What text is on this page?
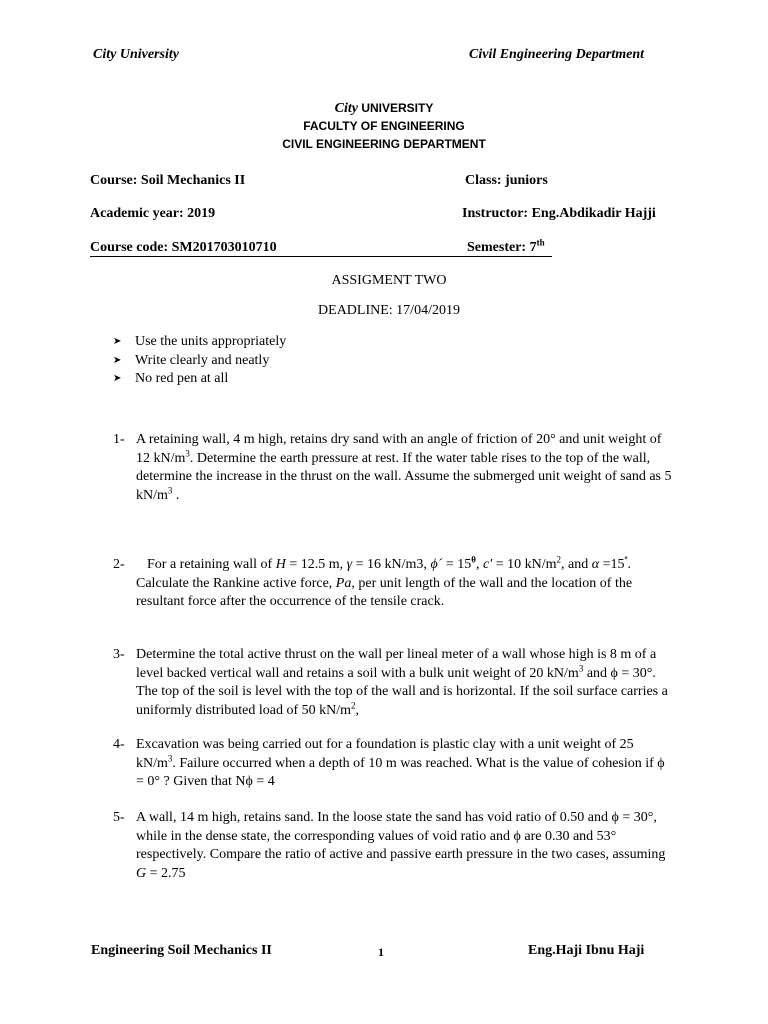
City University	Civil Engineering Department
City UNIVERSITY
FACULTY OF ENGINEERING
CIVIL ENGINEERING DEPARTMENT
Course: Soil Mechanics II	Class: juniors
Academic year: 2019	Instructor: Eng.Abdikadir Hajji
Course code: SM201703010710	Semester: 7th
ASSIGMENT TWO
DEADLINE: 17/04/2019
➤ Use the units appropriately
➤ Write clearly and neatly
➤ No red pen at all
1- A retaining wall, 4 m high, retains dry sand with an angle of friction of 20° and unit weight of 12 $kN/m^3$. Determine the earth pressure at rest. If the water table rises to the top of the wall, determine the increase in the thrust on the wall. Assume the submerged unit weight of sand as 5 $kN/m^3$ .
2-	For a retaining wall of H = 12.5 m, γ = 16 kN/m3, ϕ´ = $15^\theta$, c' = 10 $kN/m^2$, and $\alpha =15^º$. Calculate the Rankine active force, Pa, per unit length of the wall and the location of the resultant force after the occurrence of the tensile crack.
3- Determine the total active thrust on the wall per lineal meter of a wall whose high is 8 m of a level backed vertical wall and retains a soil with a bulk unit weight of 20 $kN/m^3$ and ϕ = 30°. The top of the soil is level with the top of the wall and is horizontal. If the soil surface carries a uniformly distributed load of 50 $kN/m^2$,
4- Excavation was being carried out for a foundation is plastic clay with a unit weight of 25 $kN/m^3$. Failure occurred when a depth of 10 m was reached. What is the value of cohesion if ϕ = 0° ? Given that Nϕ = 4
5- A wall, 14 m high, retains sand. In the loose state the sand has void ratio of 0.50 and ϕ = 30°, while in the dense state, the corresponding values of void ratio and ϕ are 0.30 and 53° respectively. Compare the ratio of active and passive earth pressure in the two cases, assuming G = 2.75
Engineering Soil Mechanics II	1	Eng.Haji Ibnu Haji
